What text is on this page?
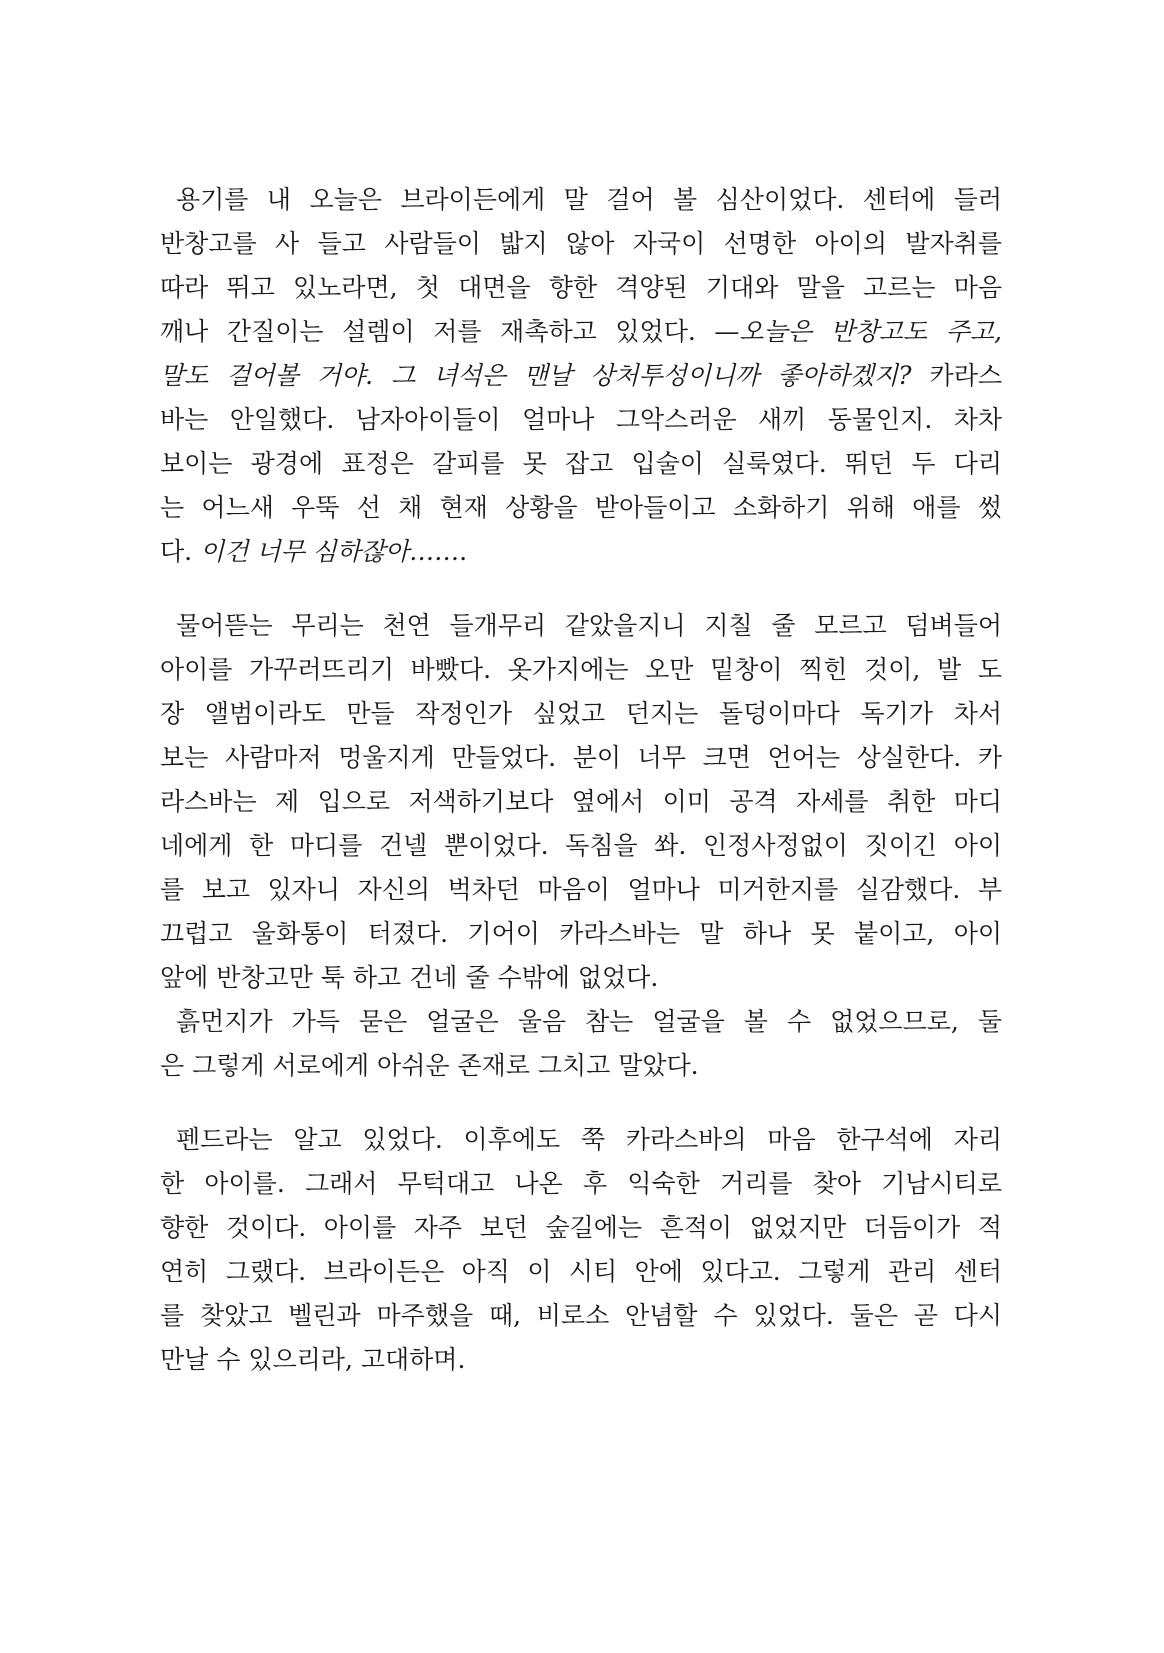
용기를 내 오늘은 브라이든에게 말 걸어 볼 심산이었다. 센터에 들러
반창고를 사 들고 사람들이 밟지 않아 자국이 선명한 아이의 발자취를
따라 뛰고 있노라면, 첫 대면을 향한 격양된 기대와 말을 고르는 마음
깨나 간질이는 설렘이 저를 재촉하고 있었다. —오늘은 반창고도 주고,
말도 걸어볼 거야. 그 녀석은 맨날 상처투성이니까 좋아하겠지? 카라스
바는 안일했다. 남자아이들이 얼마나 그악스러운 새끼 동물인지. 차차
보이는 광경에 표정은 갈피를 못 잡고 입술이 실룩였다. 뛰던 두 다리
는 어느새 우뚝 선 채 현재 상황을 받아들이고 소화하기 위해 애를 썼
다. 이건 너무 심하잖아…….
물어뜯는 무리는 천연 들개무리 같았을지니 지칠 줄 모르고 덤벼들어
아이를 가꾸러뜨리기 바빴다. 옷가지에는 오만 밑창이 찍힌 것이, 발 도
장 앨범이라도 만들 작정인가 싶었고 던지는 돌덩이마다 독기가 차서
보는 사람마저 멍울지게 만들었다. 분이 너무 크면 언어는 상실한다. 카
라스바는 제 입으로 저색하기보다 옆에서 이미 공격 자세를 취한 마디
네에게 한 마디를 건넬 뿐이었다. 독침을 쏴. 인정사정없이 짓이긴 아이
를 보고 있자니 자신의 벅차던 마음이 얼마나 미거한지를 실감했다. 부
끄럽고 울화통이 터졌다. 기어이 카라스바는 말 하나 못 붙이고, 아이
앞에 반창고만 툭 하고 건네 줄 수밖에 없었다.
흙먼지가 가득 묻은 얼굴은 울음 참는 얼굴을 볼 수 없었으므로, 둘
은 그렇게 서로에게 아쉬운 존재로 그치고 말았다.
펜드라는 알고 있었다. 이후에도 쭉 카라스바의 마음 한구석에 자리
한 아이를. 그래서 무턱대고 나온 후 익숙한 거리를 찾아 기남시티로
향한 것이다. 아이를 자주 보던 숲길에는 흔적이 없었지만 더듬이가 적
연히 그랬다. 브라이든은 아직 이 시티 안에 있다고. 그렇게 관리 센터
를 찾았고 벨린과 마주했을 때, 비로소 안념할 수 있었다. 둘은 곧 다시
만날 수 있으리라, 고대하며.
